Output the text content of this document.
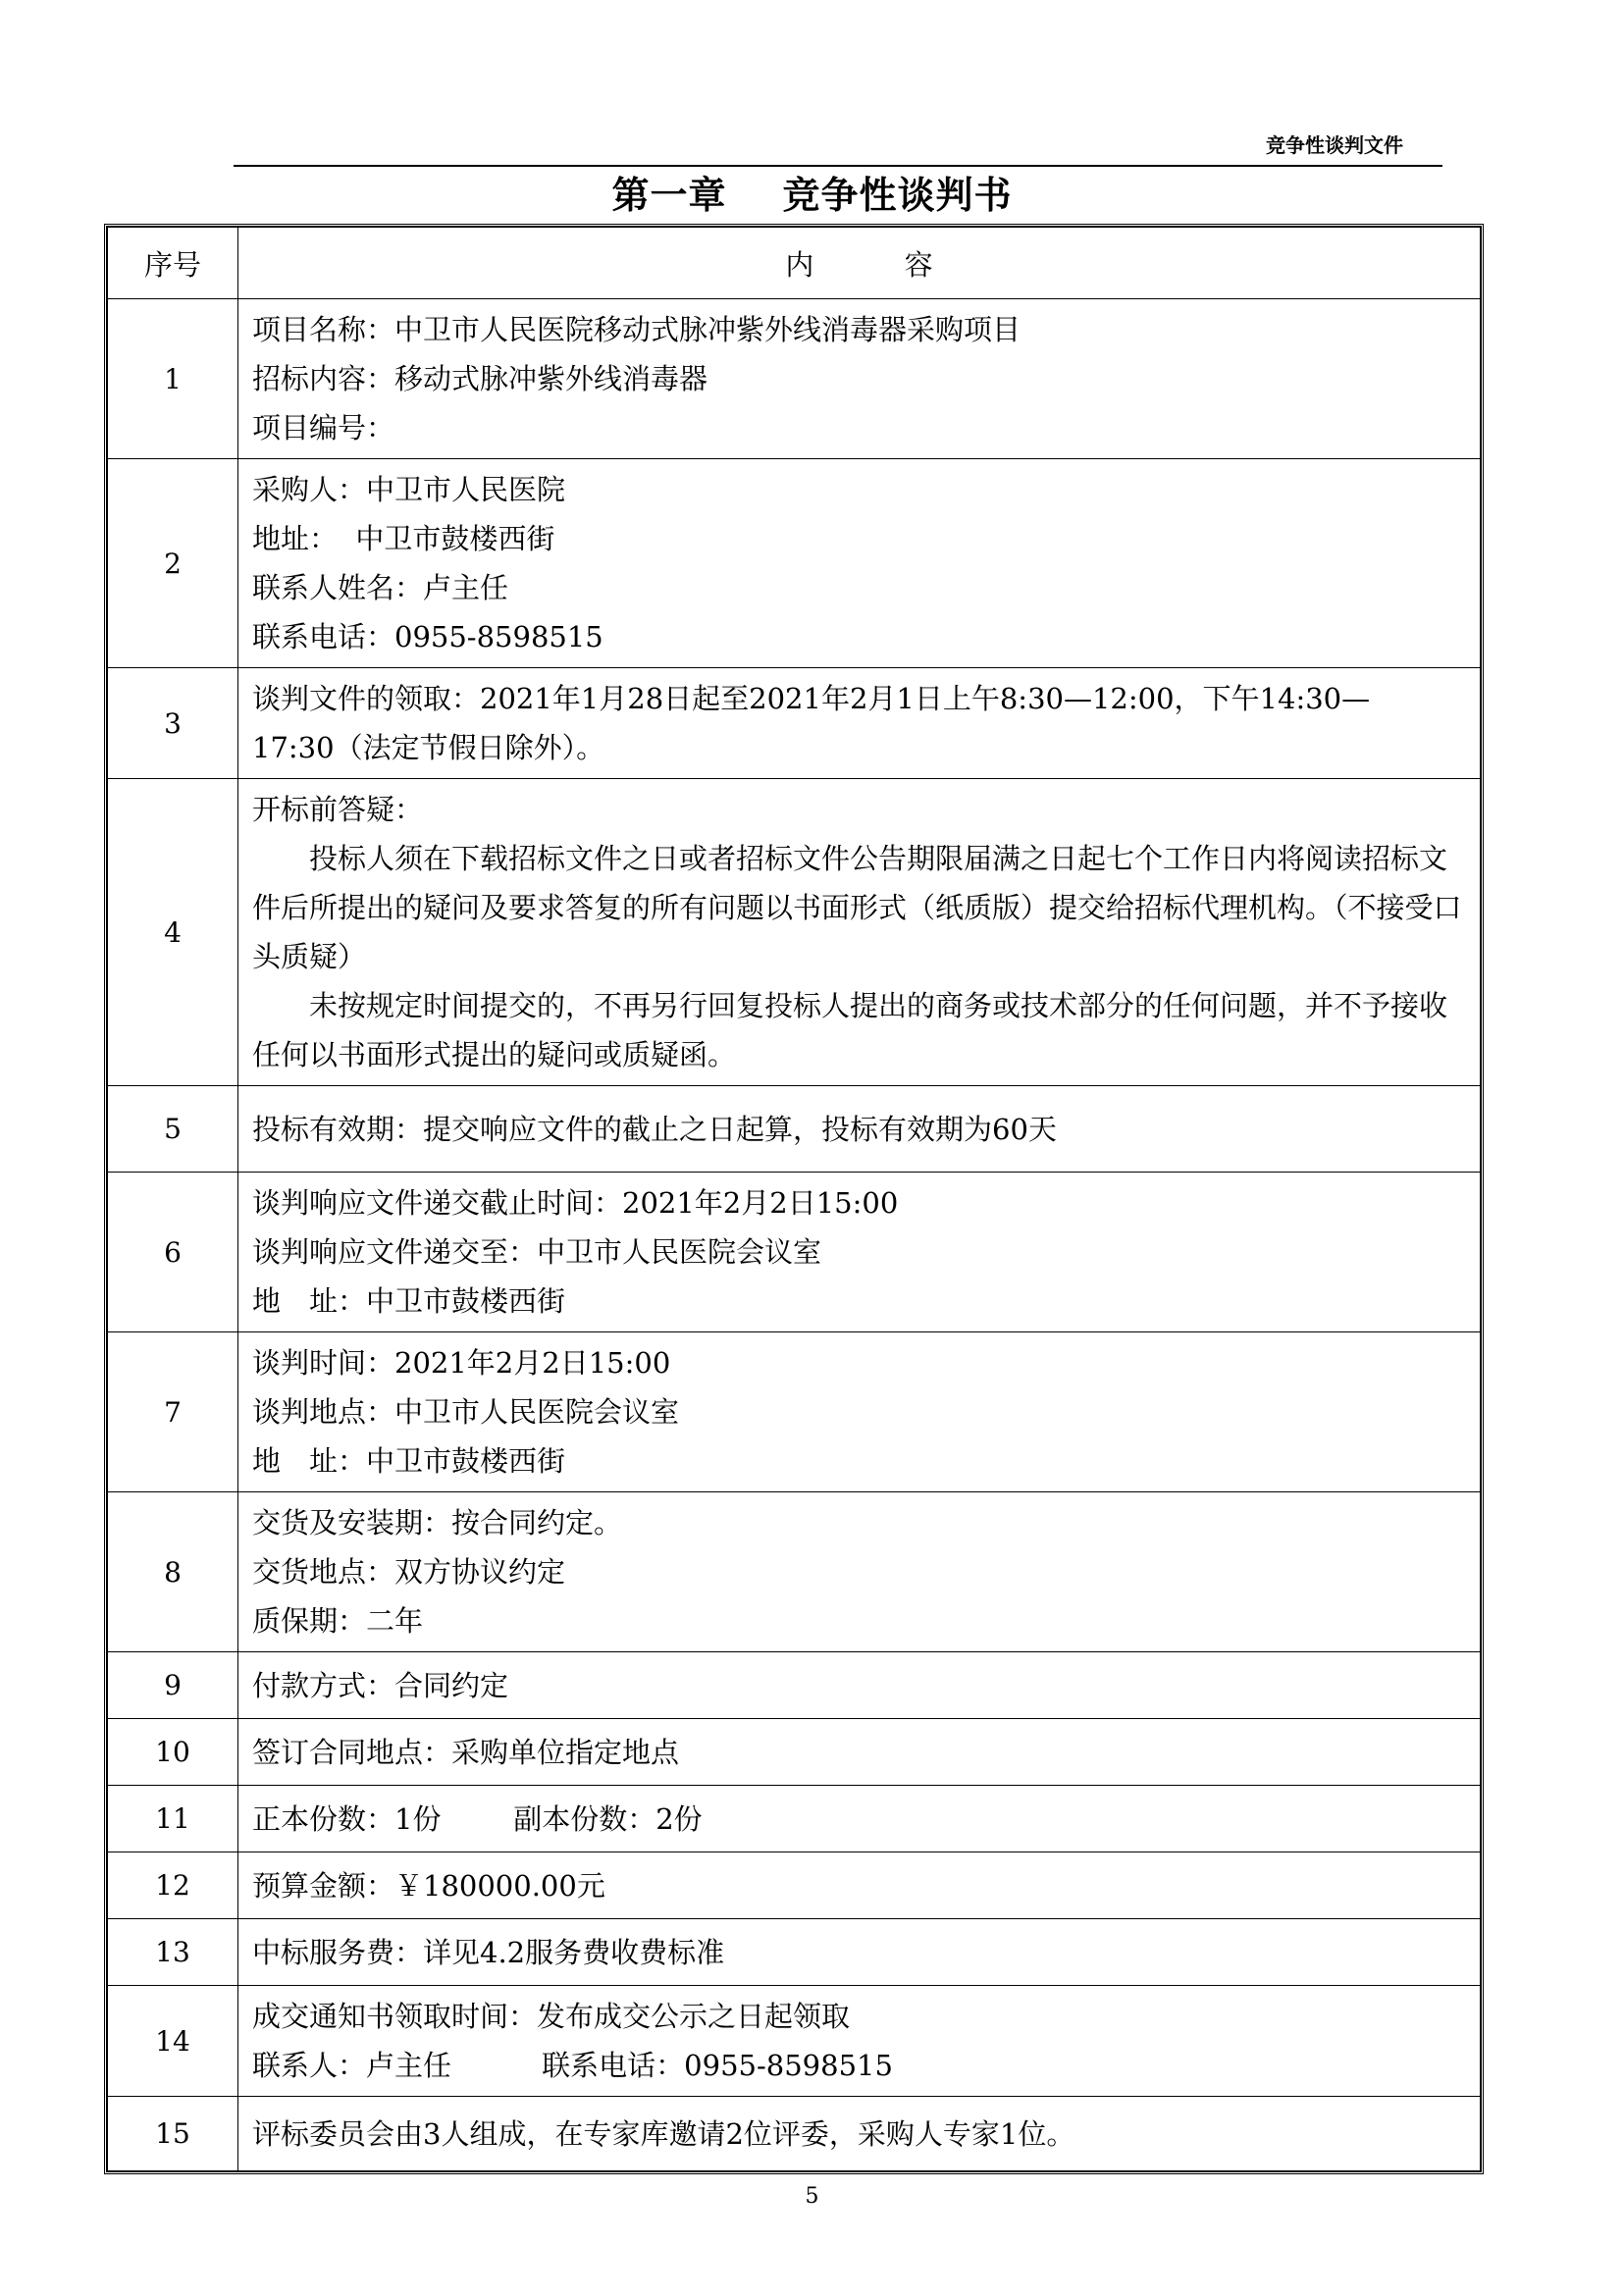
竞争性谈判文件
第一章    竞争性谈判书
序号	内          容
1	项目名称：中卫市人民医院移动式脉冲紫外线消毒器采购项目
招标内容：移动式脉冲紫外线消毒器
项目编号：

2	采购人：中卫市人民医院
地址：  中卫市鼓楼西街
联系人姓名：卢主任
联系电话：0955-8598515

3	谈判文件的领取：2021年1月28日起至2021年2月1日上午8:30—12:00，下午14:30—
17:30（法定节假日除外）。

4	开标前答疑：
投标人须在下载招标文件之日或者招标文件公告期限届满之日起七个工作日内将阅读招标文件后所提出的疑问及要求答复的所有问题以书面形式（纸质版）提交给招标代理机构。（不接受口头质疑）
未按规定时间提交的，不再另行回复投标人提出的商务或技术部分的任何问题，并不予接收任何以书面形式提出的疑问或质疑函。

5	投标有效期：提交响应文件的截止之日起算，投标有效期为60天

6	谈判响应文件递交截止时间：2021年2月2日15:00
谈判响应文件递交至：中卫市人民医院会议室
地　址：中卫市鼓楼西街

7	谈判时间：2021年2月2日15:00
谈判地点：中卫市人民医院会议室
地　址：中卫市鼓楼西街

8	交货及安装期：按合同约定。
交货地点：双方协议约定
质保期：二年

9	付款方式：合同约定

10	签订合同地点：采购单位指定地点

11	正本份数：1份        副本份数：2份

12	预算金额：￥180000.00元

13	中标服务费：详见4.2服务费收费标准

14	成交通知书领取时间：发布成交公示之日起领取
联系人：卢主任          联系电话：0955-8598515

15	评标委员会由3人组成，在专家库邀请2位评委，采购人专家1位。
5
